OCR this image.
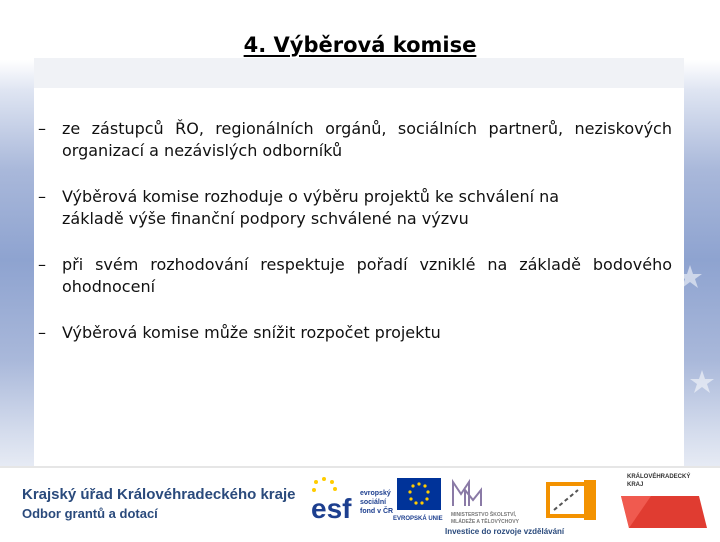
4. Výběrová komise
– ze zástupců ŘO, regionálních orgánů, sociálních partnerů, neziskových organizací a nezávislých odborníků
– Výběrová komise rozhoduje o výběru projektů ke schválení na základě výše finanční podpory schválené na výzvu
– při svém rozhodování respektuje pořadí vzniklé na základě bodového ohodnocení
– Výběrová komise může snížit rozpočet projektu
Krajský úřad Královéhradeckého kraje
Odbor grantů a dotací	esf evropský
sociální
fond v ČR
EVROPSKÁ UNIE
MINISTERSTVO ŠKOLSTVÍ,
MLÁDEŽE A TĚLOVÝCHOVY
KRÁLOVÉHRADECKÝ
KRAJ
Investice do rozvoje vzdělávání
